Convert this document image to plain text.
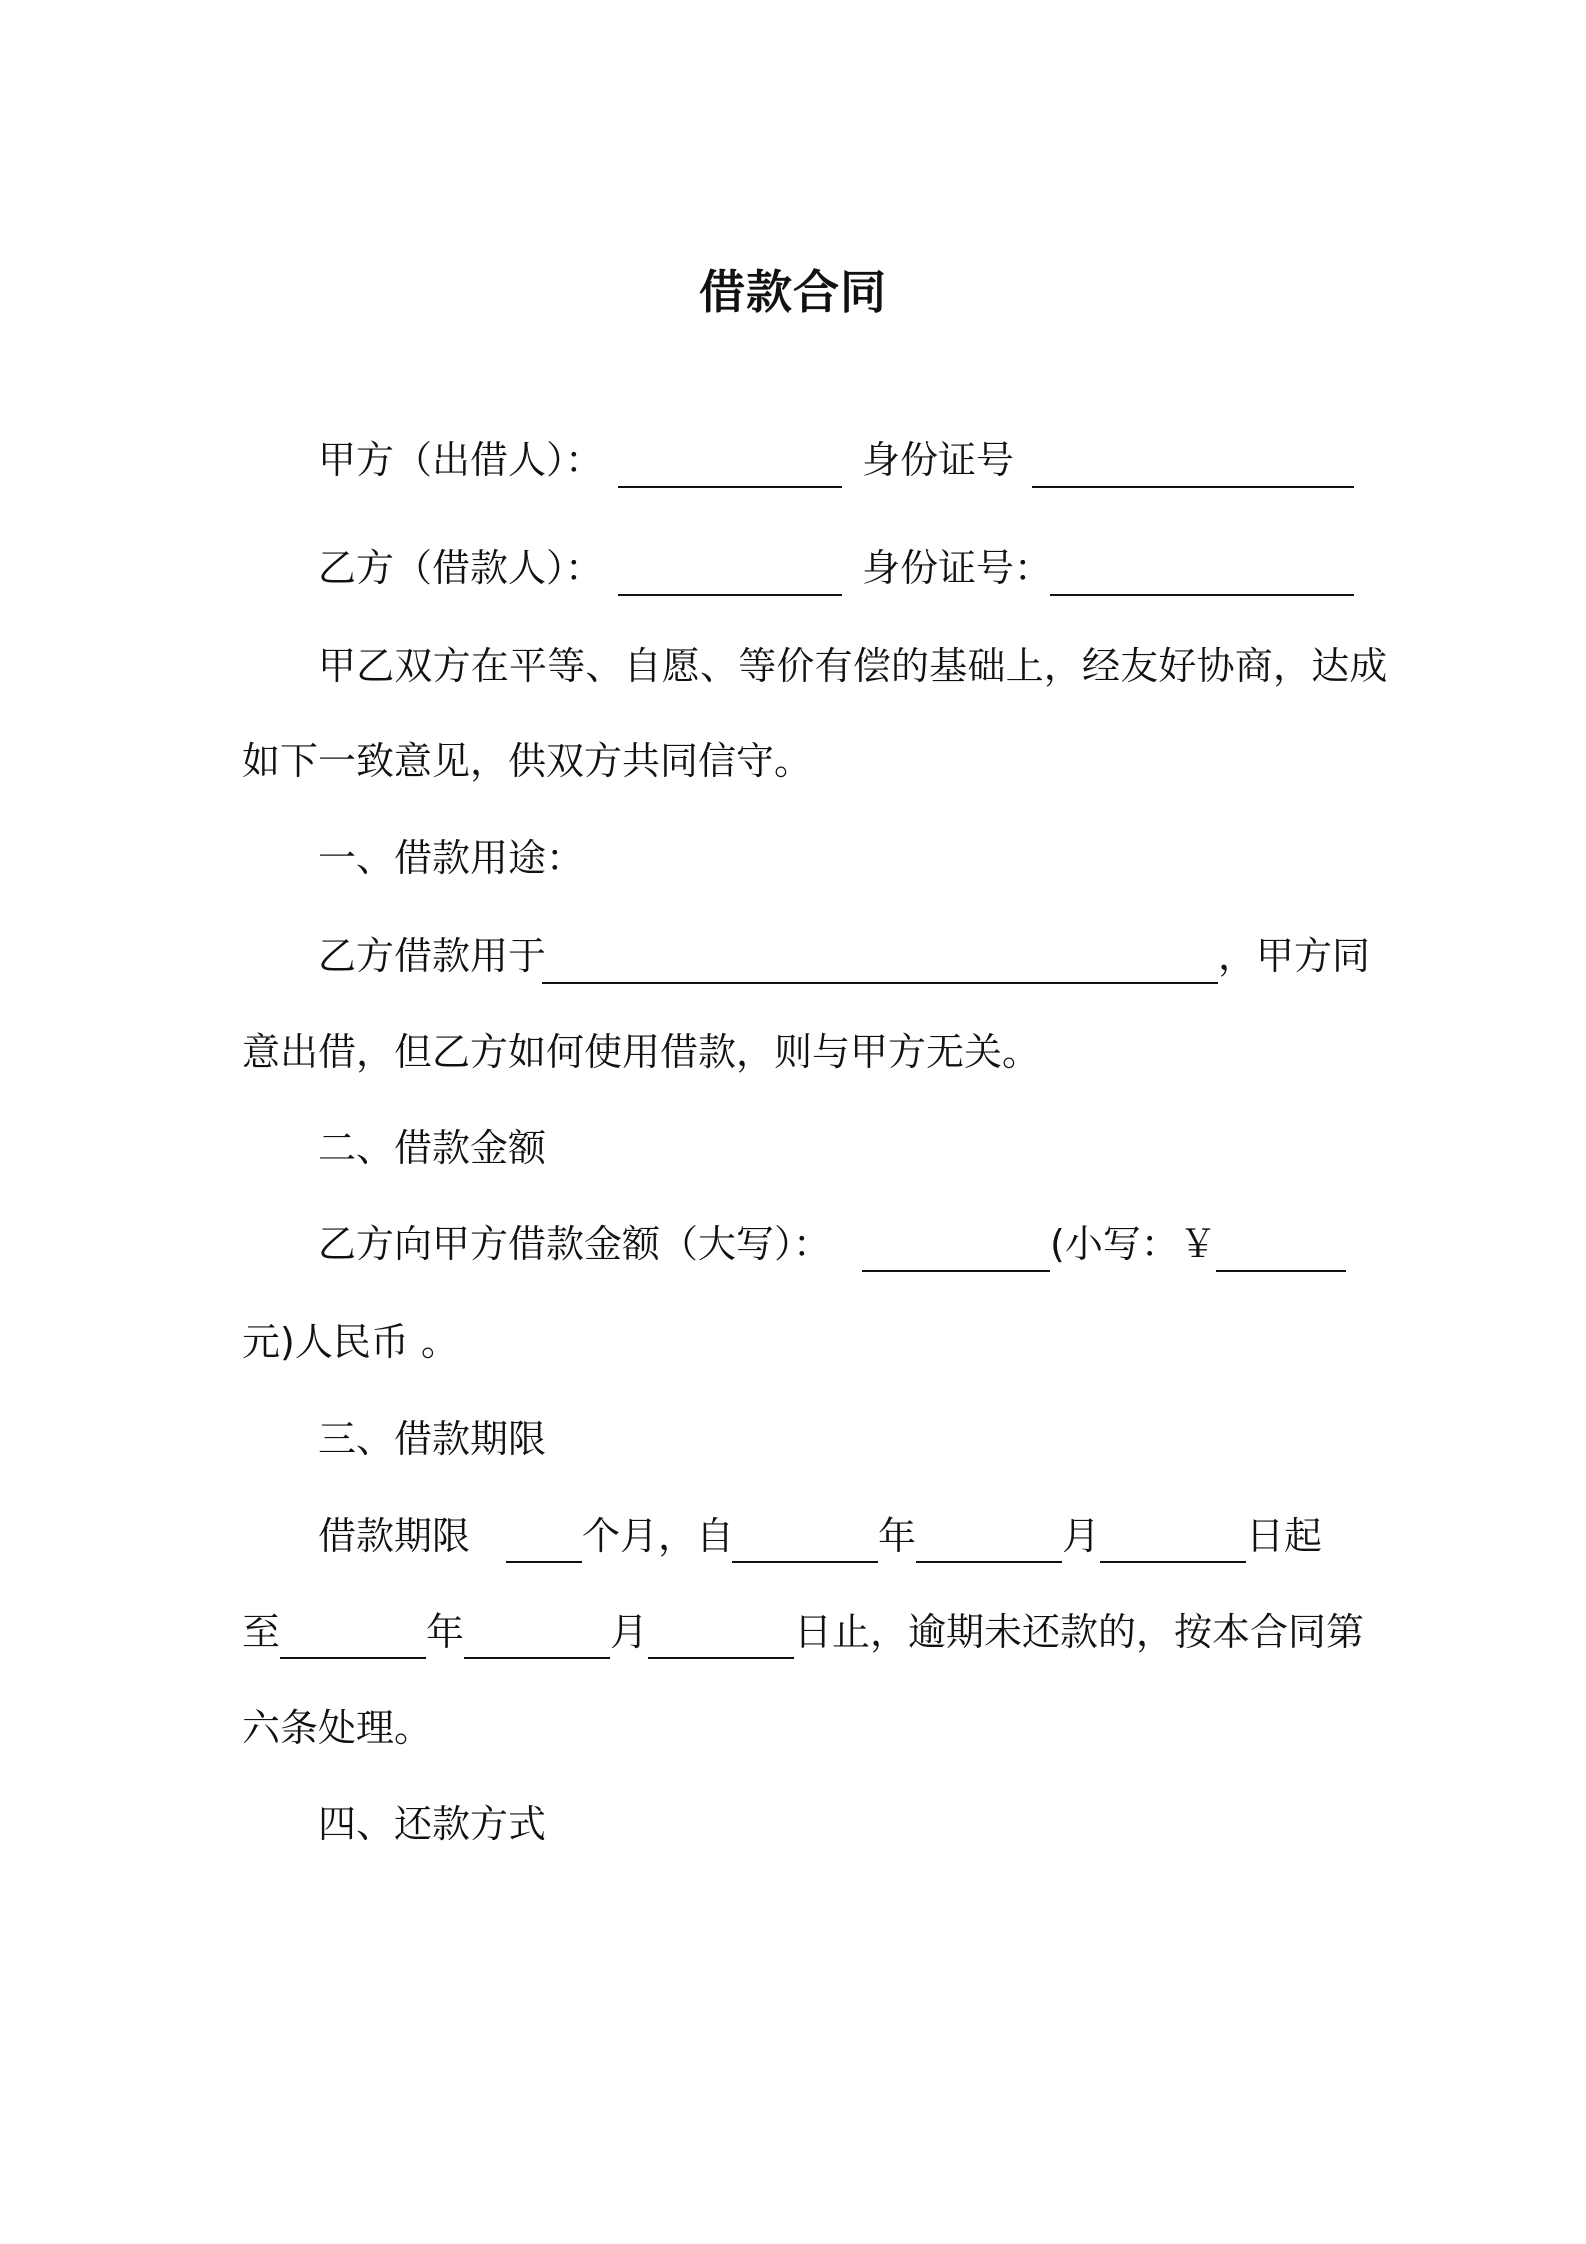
借款合同
甲方（出借人）：	身份证号
乙方（借款人）：	身份证号：
甲乙双方在平等、自愿、等价有偿的基础上，经友好协商，达成
如下一致意见，供双方共同信守。
一、借款用途：
乙方借款用于	，甲方同
意出借，但乙方如何使用借款，则与甲方无关。
二、借款金额
乙方向甲方借款金额（大写）：	(小写：￥
元)人民币 。
三、借款期限
借款期限	个月，自	年	月	日起
至	年	月	日止，逾期未还款的，按本合同第
六条处理。
四、还款方式
